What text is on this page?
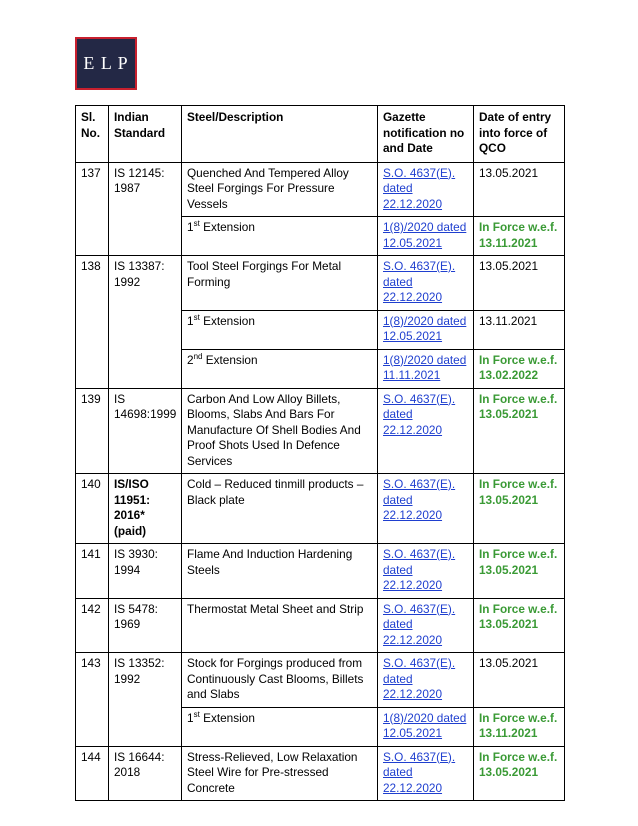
E L P
Sl. No.	Indian Standard	Steel/Description	Gazette notification no and Date	Date of entry into force of QCO
137	IS 12145: 1987	Quenched And Tempered Alloy Steel Forgings For Pressure Vessels	S.O. 4637(E). dated 22.12.2020	13.05.2021
		1st Extension	1(8)/2020 dated 12.05.2021	In Force w.e.f. 13.11.2021
138	IS 13387: 1992	Tool Steel Forgings For Metal Forming	S.O. 4637(E). dated 22.12.2020	13.05.2021
		1st Extension	1(8)/2020 dated 12.05.2021	13.11.2021
		2nd Extension	1(8)/2020 dated 11.11.2021	In Force w.e.f. 13.02.2022
139	IS 14698:1999	Carbon And Low Alloy Billets, Blooms, Slabs And Bars For Manufacture Of Shell Bodies And Proof Shots Used In Defence Services	S.O. 4637(E). dated 22.12.2020	In Force w.e.f. 13.05.2021
140	IS/ISO 11951: 2016* (paid)	Cold – Reduced tinmill products – Black plate	S.O. 4637(E). dated 22.12.2020	In Force w.e.f. 13.05.2021
141	IS 3930: 1994	Flame And Induction Hardening Steels	S.O. 4637(E). dated 22.12.2020	In Force w.e.f. 13.05.2021
142	IS 5478: 1969	Thermostat Metal Sheet and Strip	S.O. 4637(E). dated 22.12.2020	In Force w.e.f. 13.05.2021
143	IS 13352: 1992	Stock for Forgings produced from Continuously Cast Blooms, Billets and Slabs	S.O. 4637(E). dated 22.12.2020	13.05.2021
		1st Extension	1(8)/2020 dated 12.05.2021	In Force w.e.f. 13.11.2021
144	IS 16644: 2018	Stress-Relieved, Low Relaxation Steel Wire for Pre-stressed Concrete	S.O. 4637(E). dated 22.12.2020	In Force w.e.f. 13.05.2021
